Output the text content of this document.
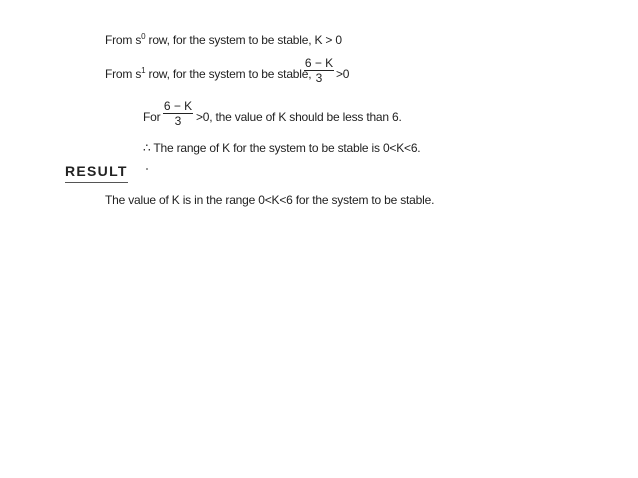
From $s^0$ row, for the system to be stable, K > 0
From $s^1$ row, for the system to be stable,
6 − K
3	>0
For
6 − K
3	>0, the value of K should be less than 6.
∴ The range of K for the system to be stable is 0<K<6.
RESULT
The value of K is in the range 0<K<6 for the system to be stable.
